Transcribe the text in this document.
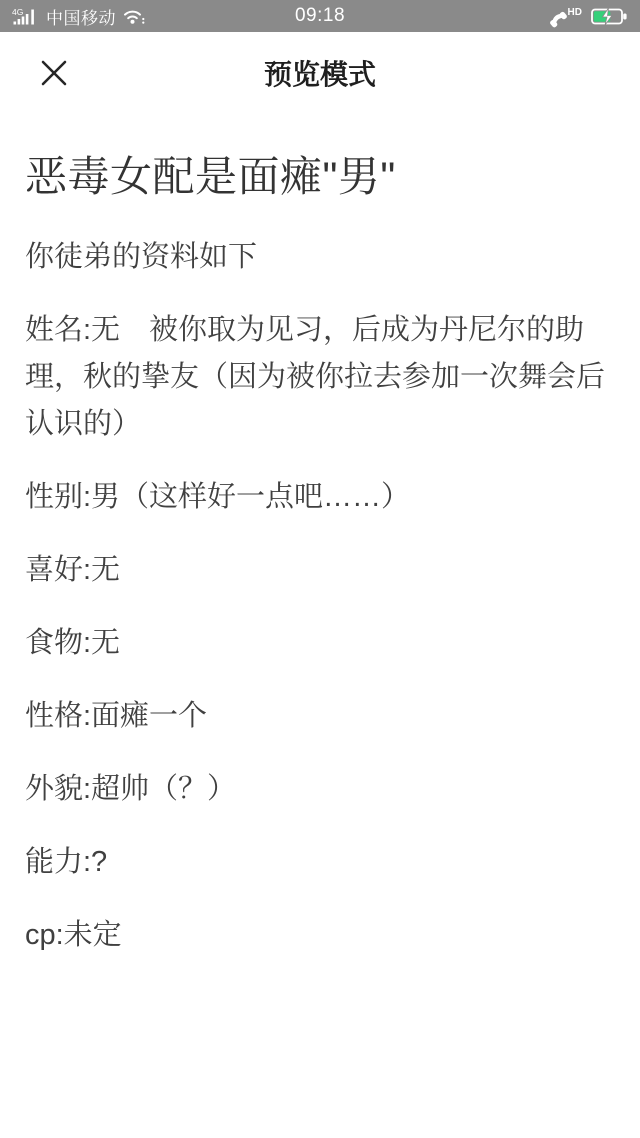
4G 中国移动	09:18	HD
预览模式
恶毒女配是面瘫"男"

你徒弟的资料如下

姓名:无　被你取为见习，后成为丹尼尔的助理，秋的挚友（因为被你拉去参加一次舞会后认识的）

性别:男（这样好一点吧……）

喜好:无

食物:无

性格:面瘫一个

外貌:超帅（？）

能力:?

cp:未定
